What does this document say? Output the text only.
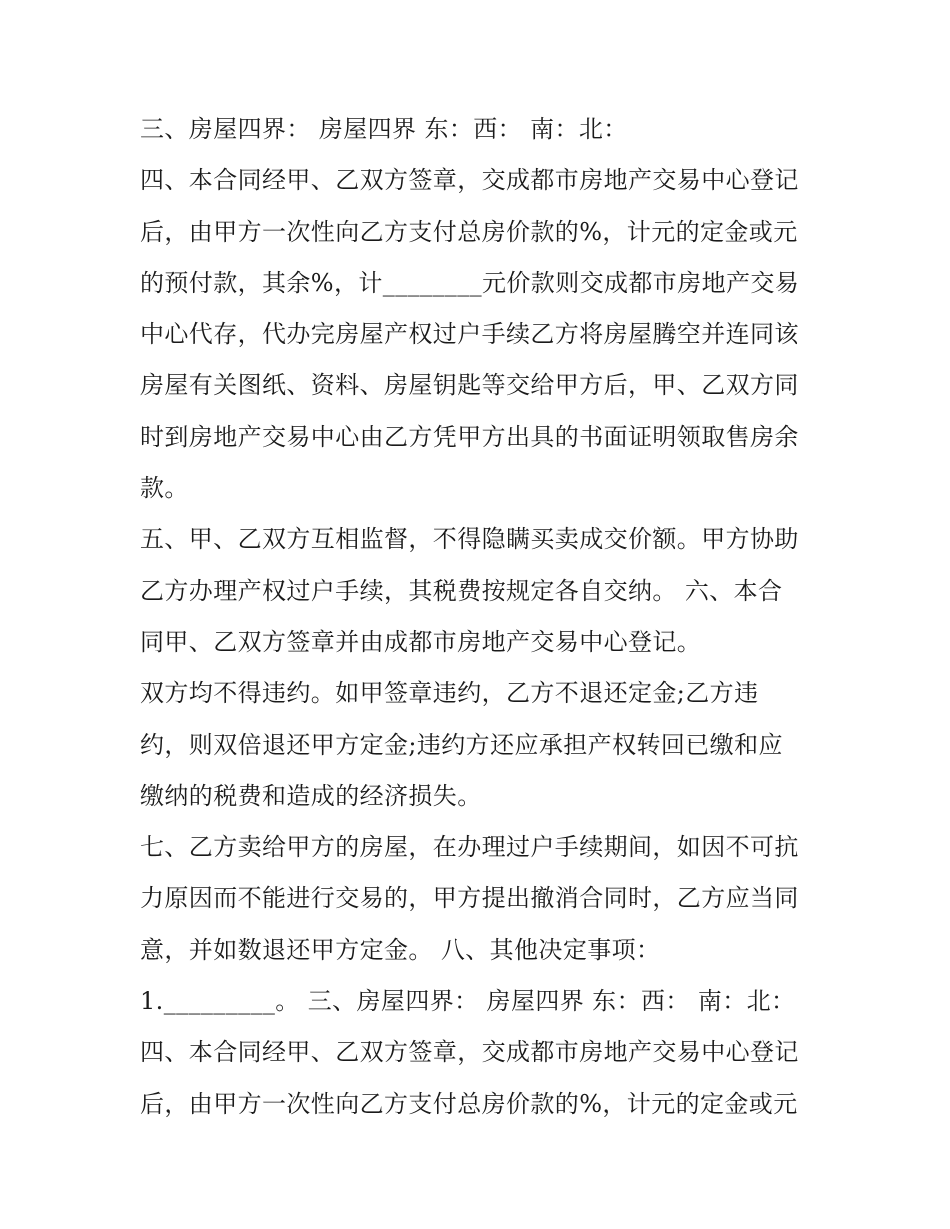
三、房屋四界： 房屋四界 东：西： 南：北：
四、本合同经甲、乙双方签章，交成都市房地产交易中心登记
后，由甲方一次性向乙方支付总房价款的%，计元的定金或元
的预付款，其余%，计________元价款则交成都市房地产交易
中心代存，代办完房屋产权过户手续乙方将房屋腾空并连同该
房屋有关图纸、资料、房屋钥匙等交给甲方后，甲、乙双方同
时到房地产交易中心由乙方凭甲方出具的书面证明领取售房余
款。
五、甲、乙双方互相监督，不得隐瞒买卖成交价额。甲方协助
乙方办理产权过户手续，其税费按规定各自交纳。 六、本合
同甲、乙双方签章并由成都市房地产交易中心登记。
双方均不得违约。如甲签章违约，乙方不退还定金;乙方违
约，则双倍退还甲方定金;违约方还应承担产权转回已缴和应
缴纳的税费和造成的经济损失。
七、乙方卖给甲方的房屋，在办理过户手续期间，如因不可抗
力原因而不能进行交易的，甲方提出撤消合同时，乙方应当同
意，并如数退还甲方定金。 八、其他决定事项：
1._________。 三、房屋四界： 房屋四界 东：西： 南：北：
四、本合同经甲、乙双方签章，交成都市房地产交易中心登记
后，由甲方一次性向乙方支付总房价款的%，计元的定金或元
